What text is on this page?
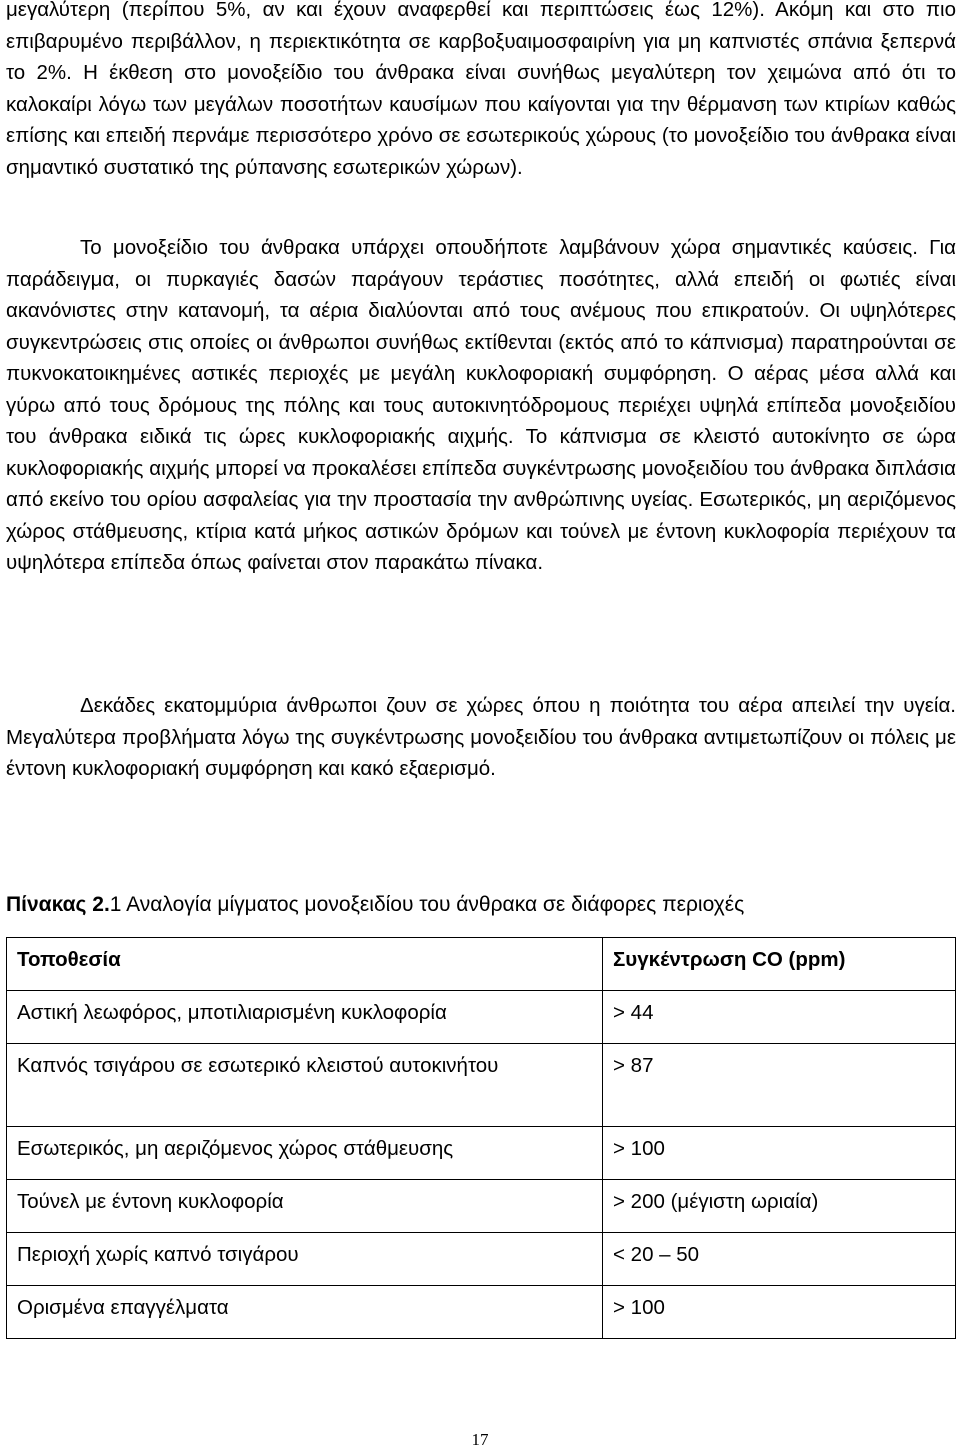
μεγαλύτερη (περίπου 5%, αν και έχουν αναφερθεί και περιπτώσεις έως 12%). Ακόμη και στο πιο επιβαρυμένο περιβάλλον, η περιεκτικότητα σε καρβοξυαιμοσφαιρίνη για μη καπνιστές σπάνια ξεπερνά το 2%. Η έκθεση στο μονοξείδιο του άνθρακα είναι συνήθως μεγαλύτερη τον χειμώνα από ότι το καλοκαίρι λόγω των μεγάλων ποσοτήτων καυσίμων που καίγονται για την θέρμανση των κτιρίων καθώς επίσης και επειδή περνάμε περισσότερο χρόνο σε εσωτερικούς χώρους (το μονοξείδιο του άνθρακα είναι σημαντικό συστατικό της ρύπανσης εσωτερικών χώρων).

Το μονοξείδιο του άνθρακα υπάρχει οπουδήποτε λαμβάνουν χώρα σημαντικές καύσεις. Για παράδειγμα, οι πυρκαγιές δασών παράγουν τεράστιες ποσότητες, αλλά επειδή οι φωτιές είναι ακανόνιστες στην κατανομή, τα αέρια διαλύονται από τους ανέμους που επικρατούν. Οι υψηλότερες συγκεντρώσεις στις οποίες οι άνθρωποι συνήθως εκτίθενται (εκτός από το κάπνισμα) παρατηρούνται σε πυκνοκατοικημένες αστικές περιοχές με μεγάλη κυκλοφοριακή συμφόρηση. Ο αέρας μέσα αλλά και γύρω από τους δρόμους της πόλης και τους αυτοκινητόδρομους περιέχει υψηλά επίπεδα μονοξειδίου του άνθρακα ειδικά τις ώρες κυκλοφοριακής αιχμής. Το κάπνισμα σε κλειστό αυτοκίνητο σε ώρα κυκλοφοριακής αιχμής μπορεί να προκαλέσει επίπεδα συγκέντρωσης μονοξειδίου του άνθρακα διπλάσια από εκείνο του ορίου ασφαλείας για την προστασία την ανθρώπινης υγείας. Εσωτερικός, μη αεριζόμενος χώρος στάθμευσης, κτίρια κατά μήκος αστικών δρόμων και τούνελ με έντονη κυκλοφορία περιέχουν τα υψηλότερα επίπεδα όπως φαίνεται στον παρακάτω πίνακα.

Δεκάδες εκατομμύρια άνθρωποι ζουν σε χώρες όπου η ποιότητα του αέρα απειλεί την υγεία. Μεγαλύτερα προβλήματα λόγω της συγκέντρωσης μονοξειδίου του άνθρακα αντιμετωπίζουν οι πόλεις με έντονη κυκλοφοριακή συμφόρηση και κακό εξαερισμό.

Πίνακας 2.1 Αναλογία μίγματος μονοξειδίου του άνθρακα σε διάφορες περιοχές

Τοποθεσία	Συγκέντρωση CO (ppm)
Αστική λεωφόρος, μποτιλιαρισμένη κυκλοφορία	> 44
Καπνός τσιγάρου σε εσωτερικό κλειστού αυτοκινήτου	> 87
Εσωτερικός, μη αεριζόμενος χώρος στάθμευσης	> 100
Τούνελ με έντονη κυκλοφορία	> 200 (μέγιστη ωριαία)
Περιοχή χωρίς καπνό τσιγάρου	< 20 – 50
Ορισμένα επαγγέλματα	> 100
17
